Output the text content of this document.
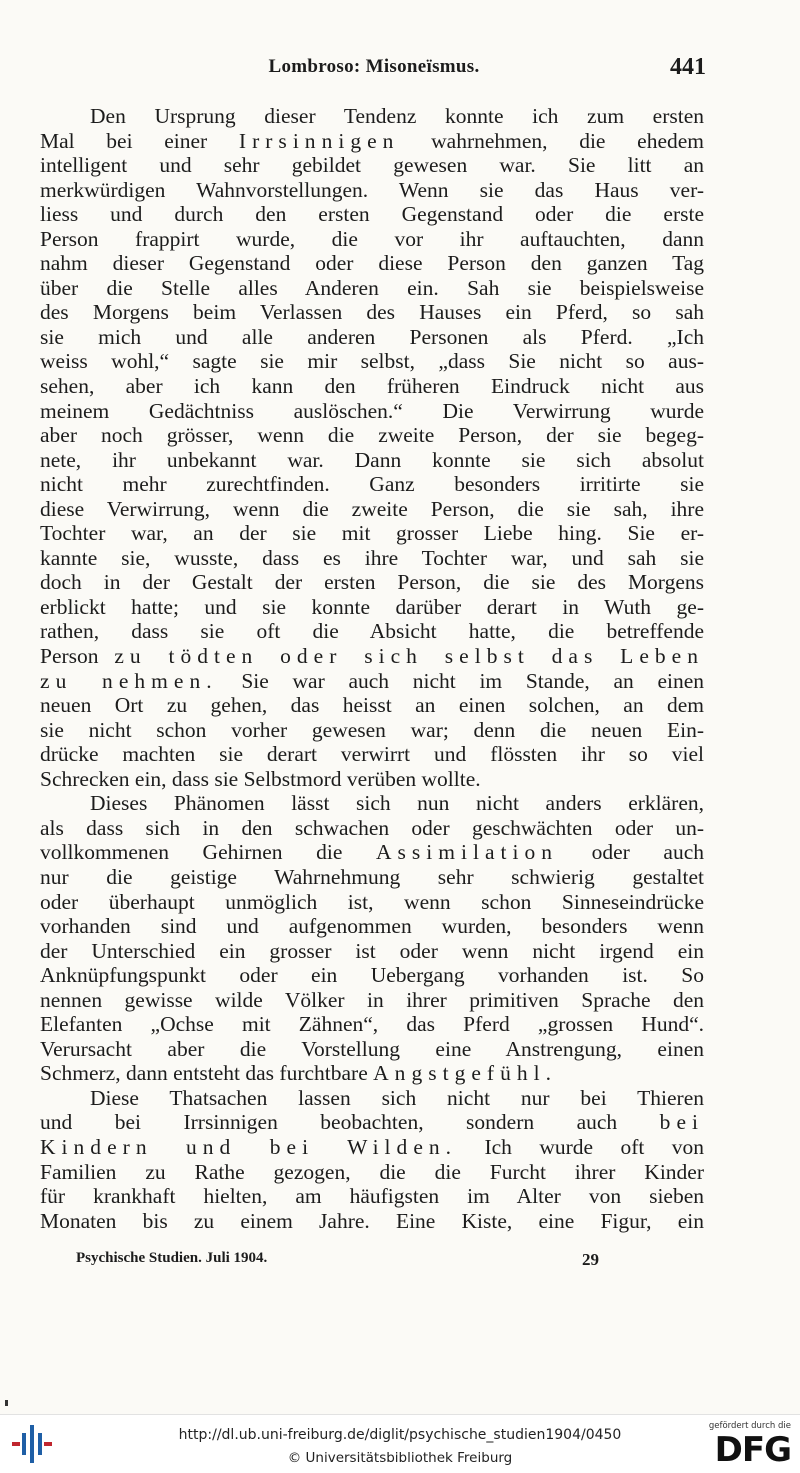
Lombroso: Misoneïsmus.	441
Den Ursprung dieser Tendenz konnte ich zum ersten
Mal bei einer Irrsinnigen wahrnehmen, die ehedem
intelligent und sehr gebildet gewesen war. Sie litt an
merkwürdigen Wahnvorstellungen. Wenn sie das Haus ver-
liess und durch den ersten Gegenstand oder die erste
Person frappirt wurde, die vor ihr auftauchten, dann
nahm dieser Gegenstand oder diese Person den ganzen Tag
über die Stelle alles Anderen ein. Sah sie beispielsweise
des Morgens beim Verlassen des Hauses ein Pferd, so sah
sie mich und alle anderen Personen als Pferd. „Ich
weiss wohl,“ sagte sie mir selbst, „dass Sie nicht so aus-
sehen, aber ich kann den früheren Eindruck nicht aus
meinem Gedächtniss auslöschen.“ Die Verwirrung wurde
aber noch grösser, wenn die zweite Person, der sie begeg-
nete, ihr unbekannt war. Dann konnte sie sich absolut
nicht mehr zurechtfinden. Ganz besonders irritirte sie
diese Verwirrung, wenn die zweite Person, die sie sah, ihre
Tochter war, an der sie mit grosser Liebe hing. Sie er-
kannte sie, wusste, dass es ihre Tochter war, und sah sie
doch in der Gestalt der ersten Person, die sie des Morgens
erblickt hatte; und sie konnte darüber derart in Wuth ge-
rathen, dass sie oft die Absicht hatte, die betreffende
Person zu tödten oder sich selbst das Leben
zu nehmen. Sie war auch nicht im Stande, an einen
neuen Ort zu gehen, das heisst an einen solchen, an dem
sie nicht schon vorher gewesen war; denn die neuen Ein-
drücke machten sie derart verwirrt und flössten ihr so viel
Schrecken ein, dass sie Selbstmord verüben wollte.
Dieses Phänomen lässt sich nun nicht anders erklären,
als dass sich in den schwachen oder geschwächten oder un-
vollkommenen Gehirnen die Assimilation oder auch
nur die geistige Wahrnehmung sehr schwierig gestaltet
oder überhaupt unmöglich ist, wenn schon Sinneseindrücke
vorhanden sind und aufgenommen wurden, besonders wenn
der Unterschied ein grosser ist oder wenn nicht irgend ein
Anknüpfungspunkt oder ein Uebergang vorhanden ist. So
nennen gewisse wilde Völker in ihrer primitiven Sprache den
Elefanten „Ochse mit Zähnen“, das Pferd „grossen Hund“.
Verursacht aber die Vorstellung eine Anstrengung, einen
Schmerz, dann entsteht das furchtbare Angstgefühl.
Diese Thatsachen lassen sich nicht nur bei Thieren
und bei Irrsinnigen beobachten, sondern auch bei
Kindern und bei Wilden. Ich wurde oft von
Familien zu Rathe gezogen, die die Furcht ihrer Kinder
für krankhaft hielten, am häufigsten im Alter von sieben
Monaten bis zu einem Jahre. Eine Kiste, eine Figur, ein
Psychische Studien. Juli 1904.	29
http://dl.ub.uni-freiburg.de/diglit/psychische_studien1904/0450
© Universitätsbibliothek Freiburg
gefördert durch die
DFG
